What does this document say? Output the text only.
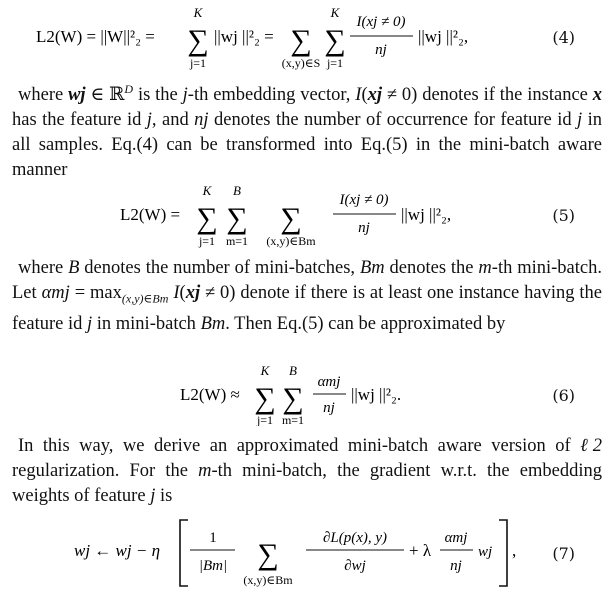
L2(W) = ||W||²₂ =
K
∑
j=1
||wj ||²₂ = ∑
(x,y)∈S
K
∑
j=1
I(xj ≠ 0)
nj
||wj ||²₂,	(4)

where wj ∈ ℝ$^D$ is the j-th embedding vector, I(xj ≠ 0) denotes if the instance x has the feature id j, and nj denotes the number of occurrence for feature id j in all samples. Eq.(4) can be transformed into Eq.(5) in the mini-batch aware manner

L2(W) =
K
∑
j=1
B
∑
m=1
∑
(x,y)∈Bm
I(xj ≠ 0)
nj
||wj ||²₂,	(5)

where B denotes the number of mini-batches, Bm denotes the m-th mini-batch. Let $\alpha mj = \max_{(x,y)\in Bm} I(xj \ne 0)$ denote if there is at least one instance having the feature id j in mini-batch Bm. Then Eq.(5) can be approximated by

L2(W) ≈
K
∑
j=1
B
∑
m=1
αmj
nj
||wj ||²₂.	(6)

In this way, we derive an approximated mini-batch aware version of ℓ2 regularization. For the m-th mini-batch, the gradient w.r.t. the embedding weights of feature j is

wj ← wj − η
1
|Bm| ∑
(x,y)∈Bm
∂L(p(x), y)
∂wj
+ λ
αmj
nj
wj , (7)
